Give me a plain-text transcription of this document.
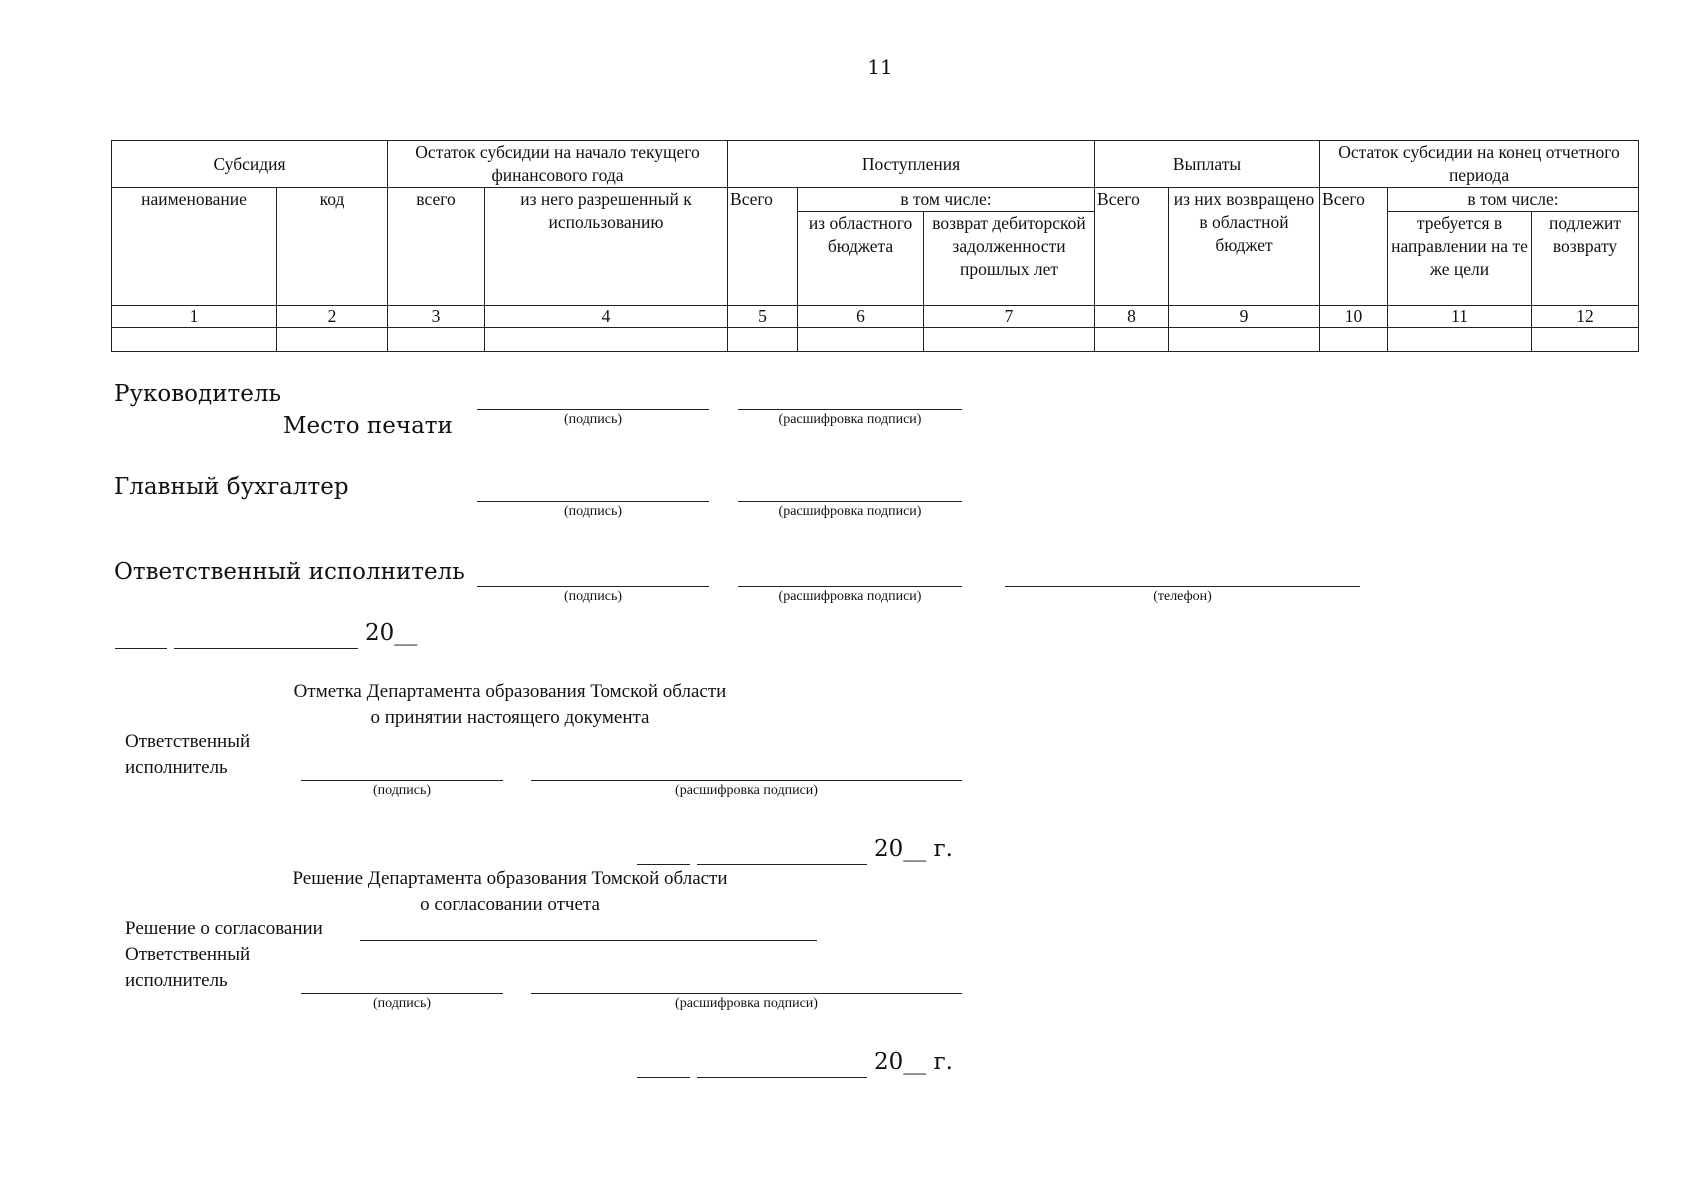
11
Субсидия		Остаток субсидии на начало текущего финансового года		Поступления			Выплаты		Остаток субсидии на конец отчетного периода		
наименование	код	всего	из него разрешенный к использованию	Всего	в том числе:		Всего	из них возвращено в областной бюджет	Всего	в том числе:	
					из областного бюджета	возврат дебиторской задолженности прошлых лет				требуется в направлении на те же цели	подлежит возврату
1	2	3	4	5	6	7	8	9	10	11	12

Руководитель
Место печати	(подпись)	(расшифровка подписи)
Главный бухгалтер
(подпись)	(расшифровка подписи)
Ответственный исполнитель
(подпись)	(расшифровка подписи)	(телефон)
20__
Отметка Департамента образования Томской области
о принятии настоящего документа
Ответственный
исполнитель
(подпись)	(расшифровка подписи)
20__ г.
Решение Департамента образования Томской области
о согласовании отчета
Решение о согласовании
Ответственный
исполнитель
(подпись)	(расшифровка подписи)
20__ г.
